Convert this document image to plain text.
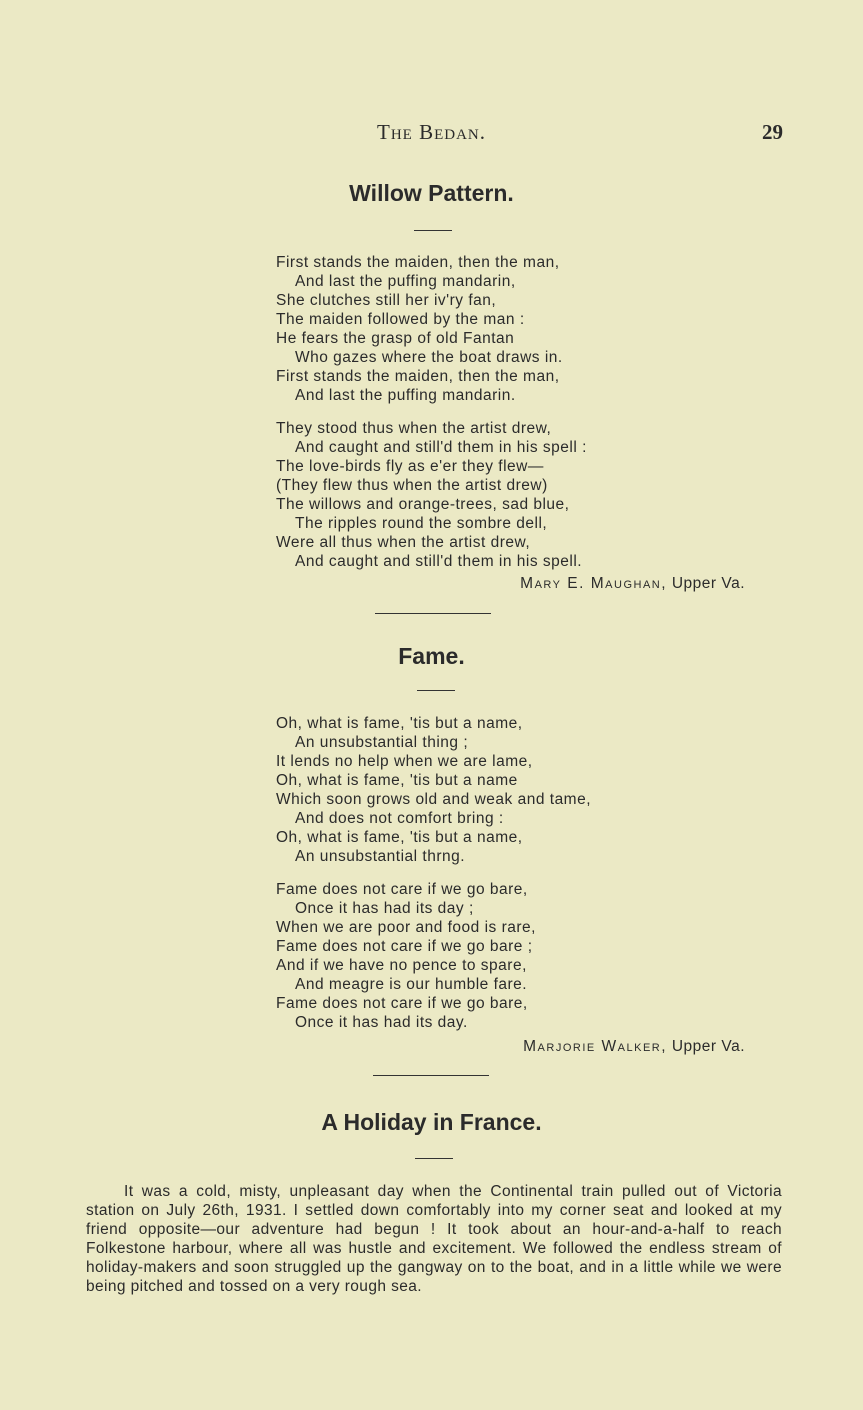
The Bedan.	29
Willow Pattern.
First stands the maiden, then the man,
And last the puffing mandarin,
She clutches still her iv'ry fan,
The maiden followed by the man :
He fears the grasp of old Fantan
Who gazes where the boat draws in.
First stands the maiden, then the man,
And last the puffing mandarin.
They stood thus when the artist drew,
And caught and still'd them in his spell :
The love-birds fly as e'er they flew—
(They flew thus when the artist drew)
The willows and orange-trees, sad blue,
The ripples round the sombre dell,
Were all thus when the artist drew,
And caught and still'd them in his spell.
Mary E. Maughan, Upper Va.
Fame.
Oh, what is fame, 'tis but a name,
An unsubstantial thing ;
It lends no help when we are lame,
Oh, what is fame, 'tis but a name
Which soon grows old and weak and tame,
And does not comfort bring :
Oh, what is fame, 'tis but a name,
An unsubstantial thrng.
Fame does not care if we go bare,
Once it has had its day ;
When we are poor and food is rare,
Fame does not care if we go bare ;
And if we have no pence to spare,
And meagre is our humble fare.
Fame does not care if we go bare,
Once it has had its day.
Marjorie Walker, Upper Va.
A Holiday in France.
It was a cold, misty, unpleasant day when the Continental train pulled out of Victoria station on July 26th, 1931. I settled down comfortably into my corner seat and looked at my friend opposite—our adventure had begun ! It took about an hour-and-a-half to reach Folkestone harbour, where all was hustle and excitement. We followed the endless stream of holiday-makers and soon struggled up the gangway on to the boat, and in a little while we were being pitched and tossed on a very rough sea.
